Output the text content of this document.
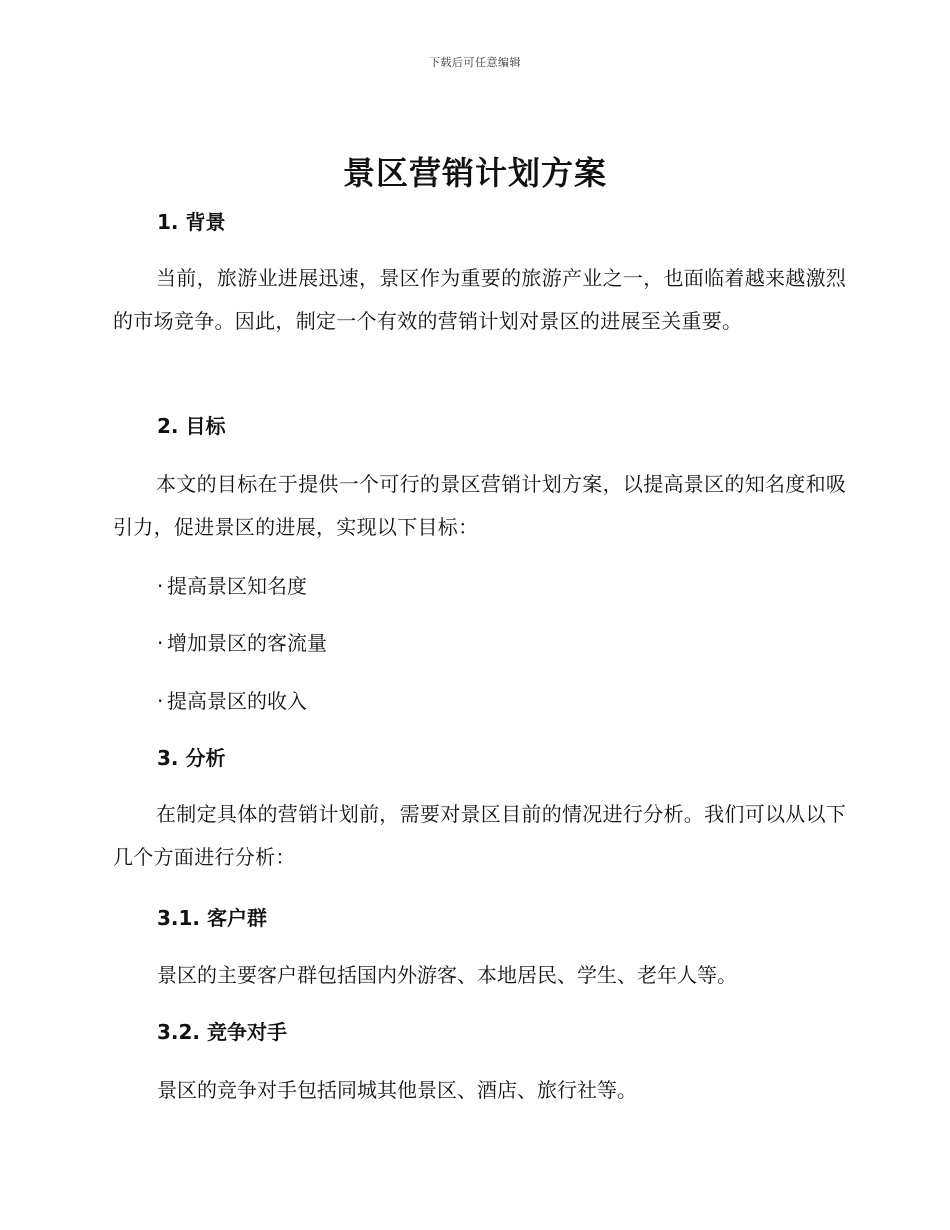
下载后可任意编辑
景区营销计划方案
1. 背景
当前，旅游业进展迅速，景区作为重要的旅游产业之一，也面临着越来越激烈的市场竞争。因此，制定一个有效的营销计划对景区的进展至关重要。
2. 目标
本文的目标在于提供一个可行的景区营销计划方案，以提高景区的知名度和吸引力，促进景区的进展，实现以下目标：
· 提高景区知名度
· 增加景区的客流量
· 提高景区的收入
3. 分析
在制定具体的营销计划前，需要对景区目前的情况进行分析。我们可以从以下几个方面进行分析：
3.1. 客户群
景区的主要客户群包括国内外游客、本地居民、学生、老年人等。
3.2. 竞争对手
景区的竞争对手包括同城其他景区、酒店、旅行社等。
